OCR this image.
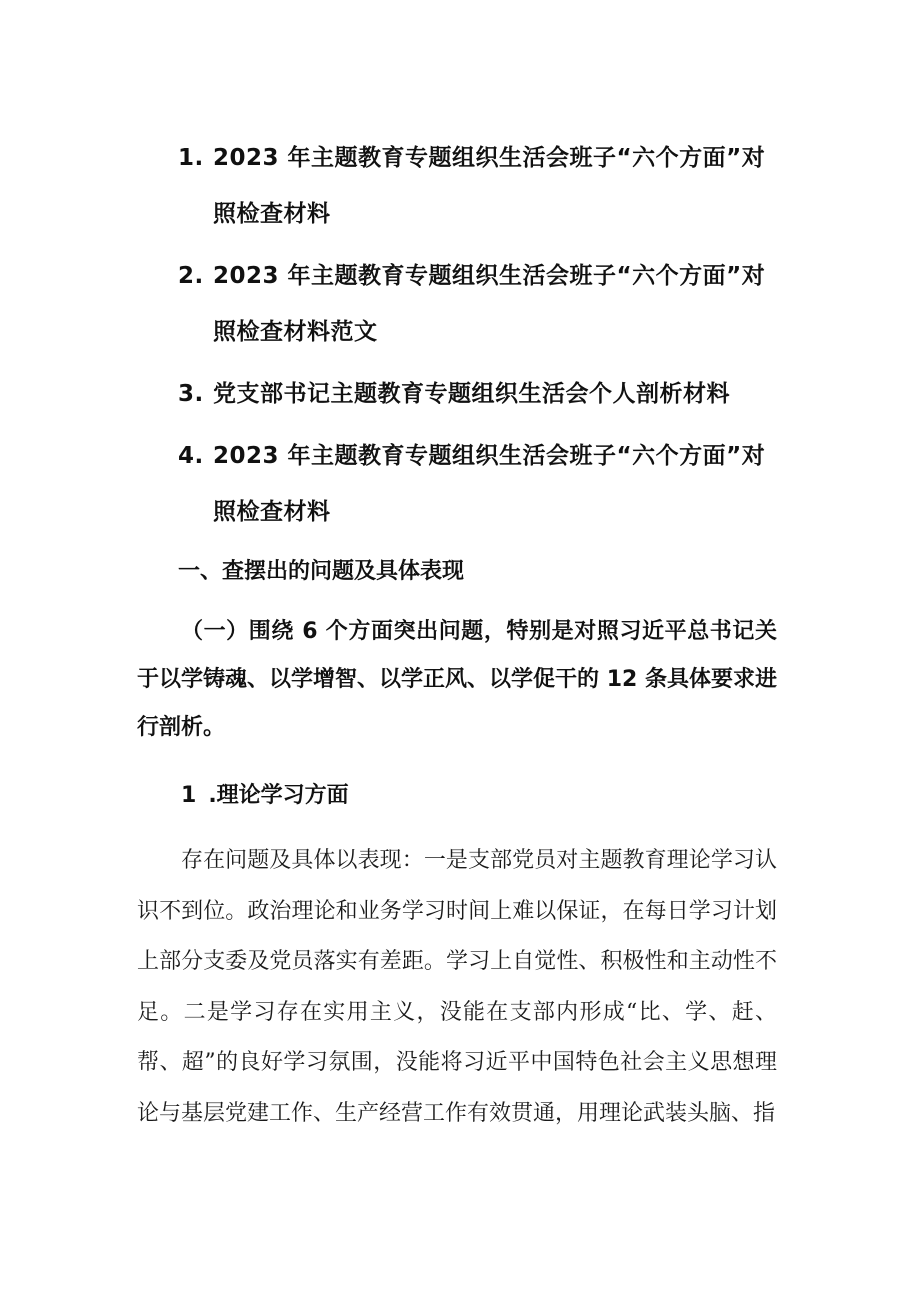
1. 2023 年主题教育专题组织生活会班子“六个方面”对照检查材料
2. 2023 年主题教育专题组织生活会班子“六个方面”对照检查材料范文
3. 党支部书记主题教育专题组织生活会个人剖析材料
4. 2023 年主题教育专题组织生活会班子“六个方面”对照检查材料
一、查摆出的问题及具体表现
（一）围绕 6 个方面突出问题，特别是对照习近平总书记关于以学铸魂、以学增智、以学正风、以学促干的 12 条具体要求进行剖析。
1 .理论学习方面
存在问题及具体以表现：一是支部党员对主题教育理论学习认识不到位。政治理论和业务学习时间上难以保证，在每日学习计划上部分支委及党员落实有差距。学习上自觉性、积极性和主动性不足。二是学习存在实用主义，没能在支部内形成“比、学、赶、帮、超”的良好学习氛围，没能将习近平中国特色社会主义思想理论与基层党建工作、生产经营工作有效贯通，用理论武装头脑、指
